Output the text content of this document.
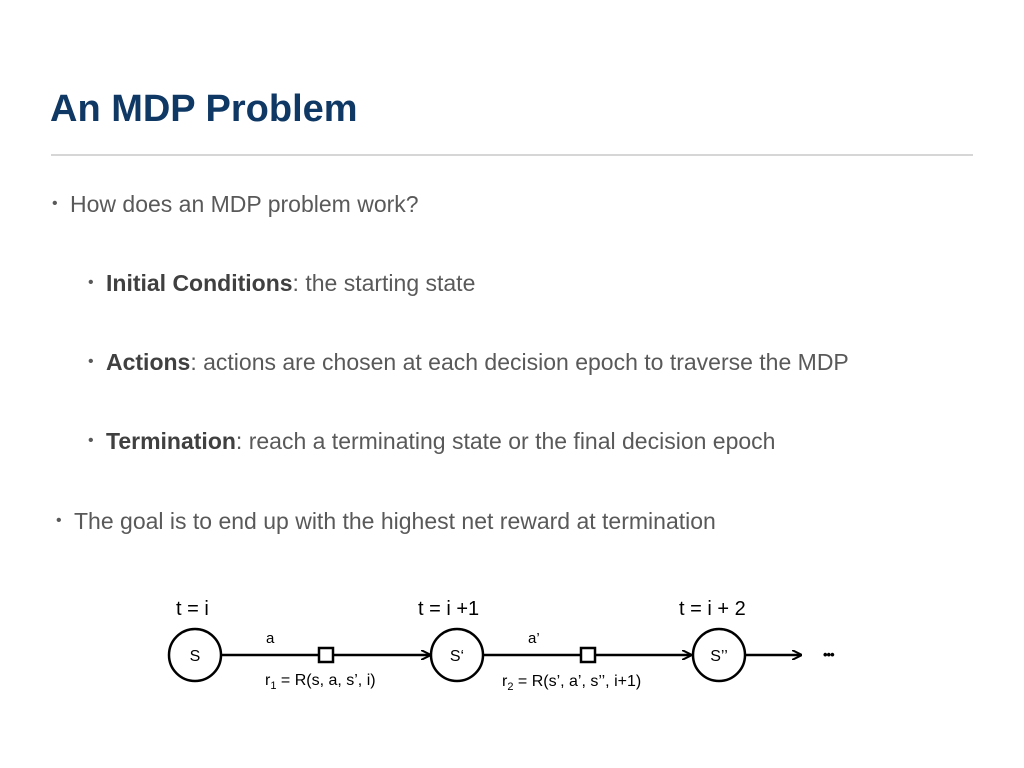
An MDP Problem
• How does an MDP problem work?
• Initial Conditions: the starting state
• Actions: actions are chosen at each decision epoch to traverse the MDP
• Termination: reach a terminating state or the final decision epoch
• The goal is to end up with the highest net reward at termination
t = i	t = i +1	t = i + 2
S	S‘	S’’
a	a’
$r_1 = R(s$, a, s’, i)	$r_2 = R(s$’, a’, s’’, i+1)
•••
